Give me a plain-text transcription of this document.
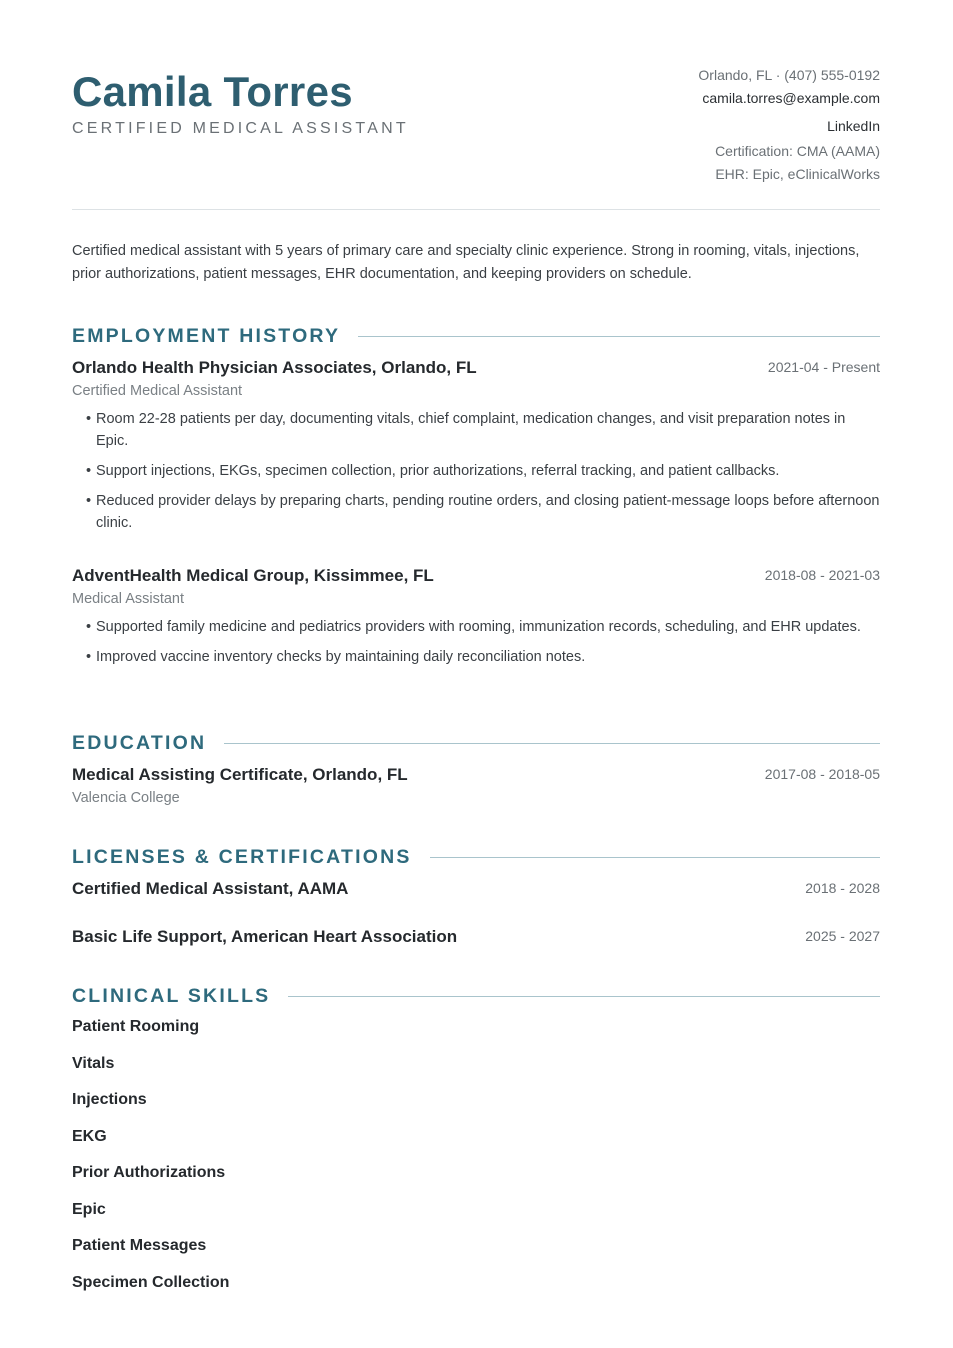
Camila Torres
CERTIFIED MEDICAL ASSISTANT
Orlando, FL · (407) 555-0192
camila.torres@example.com
LinkedIn
Certification: CMA (AAMA)
EHR: Epic, eClinicalWorks
Certified medical assistant with 5 years of primary care and specialty clinic experience. Strong in rooming, vitals, injections, prior authorizations, patient messages, EHR documentation, and keeping providers on schedule.
EMPLOYMENT HISTORY
Orlando Health Physician Associates, Orlando, FL	2021-04 - Present
Certified Medical Assistant
• Room 22-28 patients per day, documenting vitals, chief complaint, medication changes, and visit preparation notes in Epic.
• Support injections, EKGs, specimen collection, prior authorizations, referral tracking, and patient callbacks.
• Reduced provider delays by preparing charts, pending routine orders, and closing patient-message loops before afternoon clinic.
AdventHealth Medical Group, Kissimmee, FL	2018-08 - 2021-03
Medical Assistant
• Supported family medicine and pediatrics providers with rooming, immunization records, scheduling, and EHR updates.
• Improved vaccine inventory checks by maintaining daily reconciliation notes.
EDUCATION
Medical Assisting Certificate, Orlando, FL	2017-08 - 2018-05
Valencia College
LICENSES & CERTIFICATIONS
Certified Medical Assistant, AAMA	2018 - 2028
Basic Life Support, American Heart Association	2025 - 2027
CLINICAL SKILLS
Patient Rooming
Vitals
Injections
EKG
Prior Authorizations
Epic
Patient Messages
Specimen Collection
